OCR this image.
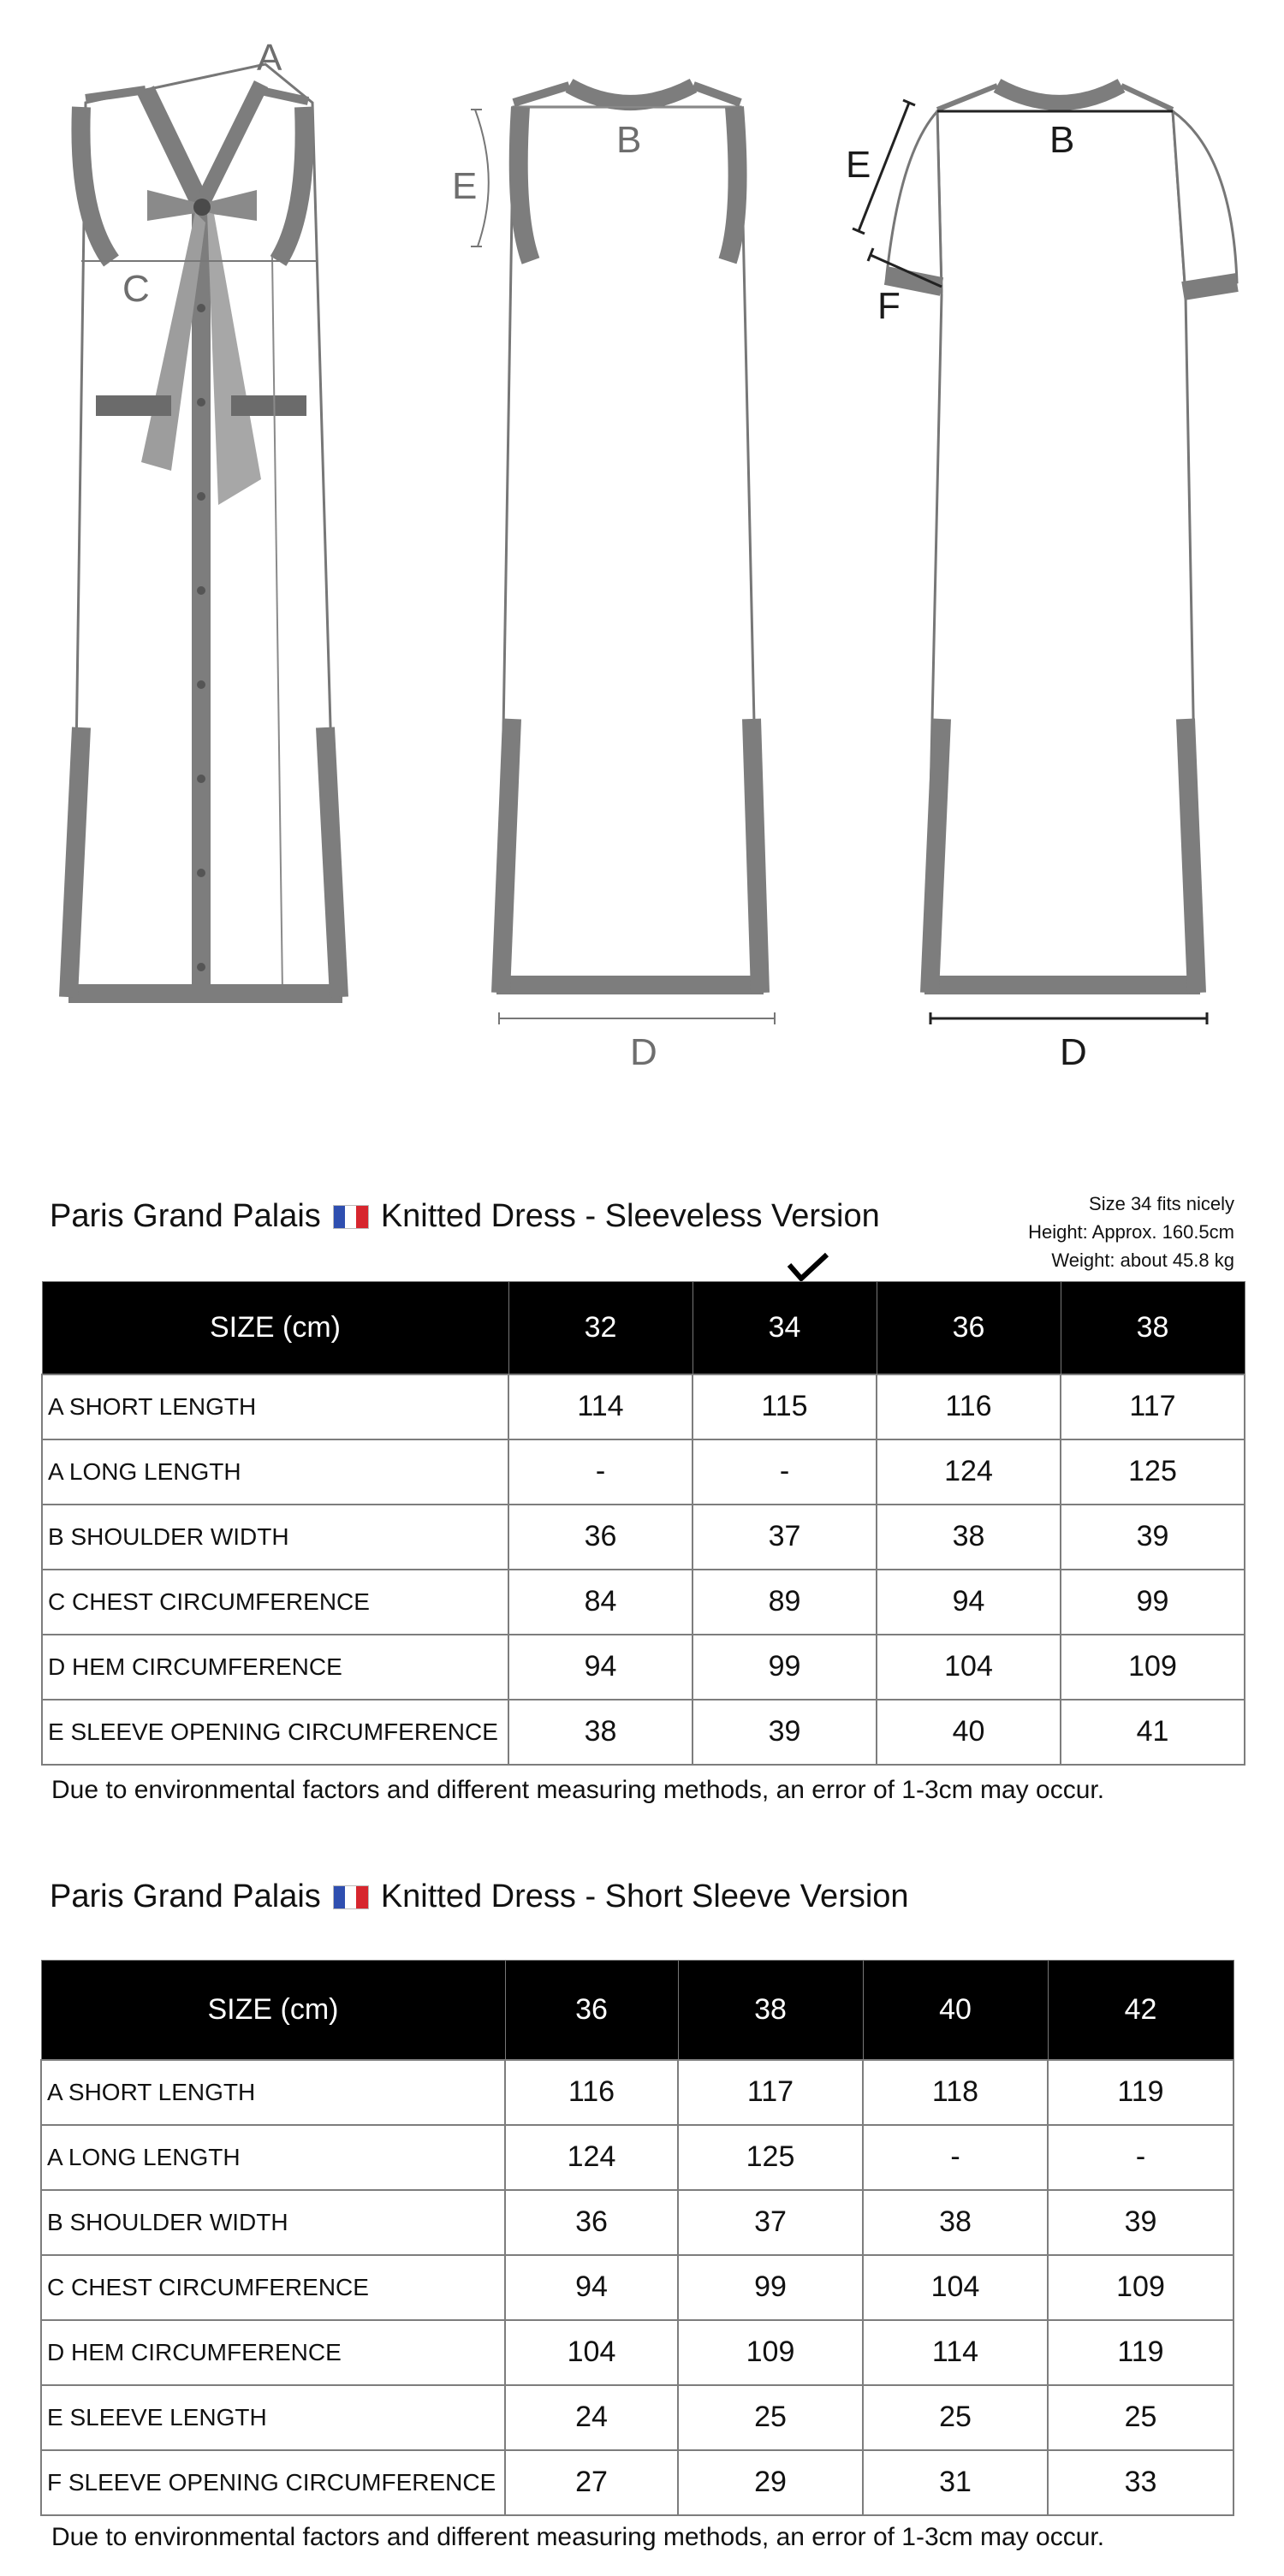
C
A
E
B
D
B
E
F
D
Paris Grand Palais Knitted Dress - Sleeveless Version	Size 34 fits nicely
Height: Approx. 160.5cm
Weight: about 45.8 kg
SIZE (cm)	32	34	36	38
A SHORT LENGTH	114	115	116	117
A LONG LENGTH	-	-	124	125
B SHOULDER WIDTH	36	37	38	39
C CHEST CIRCUMFERENCE	84	89	94	99
D HEM CIRCUMFERENCE	94	99	104	109
E SLEEVE OPENING CIRCUMFERENCE	38	39	40	41
Due to environmental factors and different measuring methods, an error of 1-3cm may occur.
Paris Grand Palais Knitted Dress - Short Sleeve Version
SIZE (cm)	36	38	40	42
A SHORT LENGTH	116	117	118	119
A LONG LENGTH	124	125	-	-
B SHOULDER WIDTH	36	37	38	39
C CHEST CIRCUMFERENCE	94	99	104	109
D HEM CIRCUMFERENCE	104	109	114	119
E SLEEVE LENGTH	24	25	25	25
F SLEEVE OPENING CIRCUMFERENCE	27	29	31	33
Due to environmental factors and different measuring methods, an error of 1-3cm may occur.
